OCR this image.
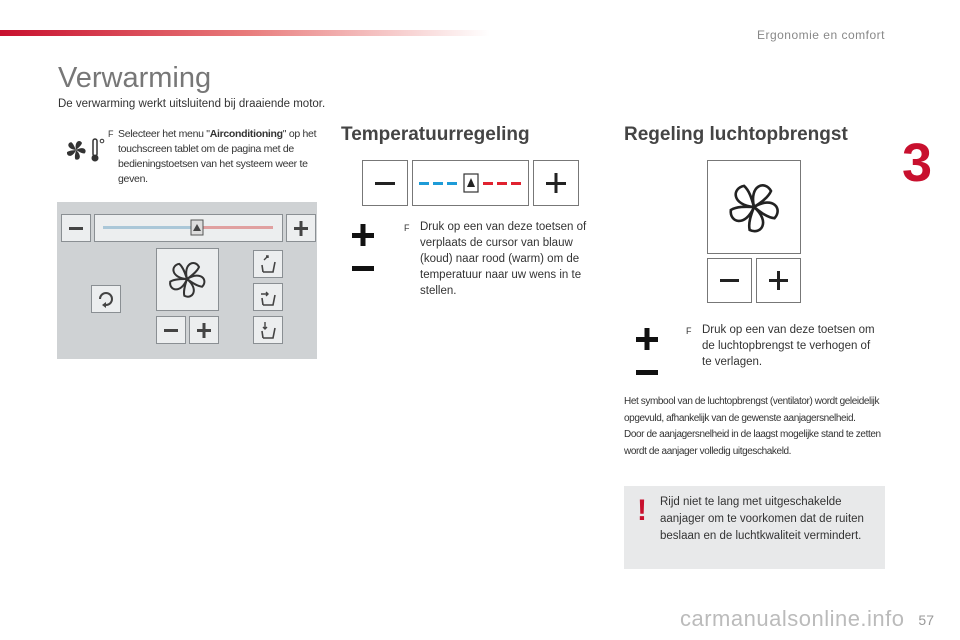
Ergonomie en comfort
3
Verwarming

De verwarming werkt uitsluitend bij draaiende motor.

F Selecteer het menu "Airconditioning" op het touchscreen tablet om de pagina met de bedieningstoetsen van het systeem weer te geven.
Temperatuurregeling
F Druk op een van deze toetsen of verplaats de cursor van blauw (koud) naar rood (warm) om de temperatuur naar uw wens in te stellen.
Regeling luchtopbrengst
F Druk op een van deze toetsen om de luchtopbrengst te verhogen of te verlagen.
Het symbool van de luchtopbrengst (ventilator) wordt geleidelijk opgevuld, afhankelijk van de gewenste aanjagersnelheid.
Door de aanjagersnelheid in de laagst mogelijke stand te zetten wordt de aanjager volledig uitgeschakeld.
! Rijd niet te lang met uitgeschakelde aanjager om te voorkomen dat de ruiten beslaan en de luchtkwaliteit vermindert.
carmanualsonline.info 57
